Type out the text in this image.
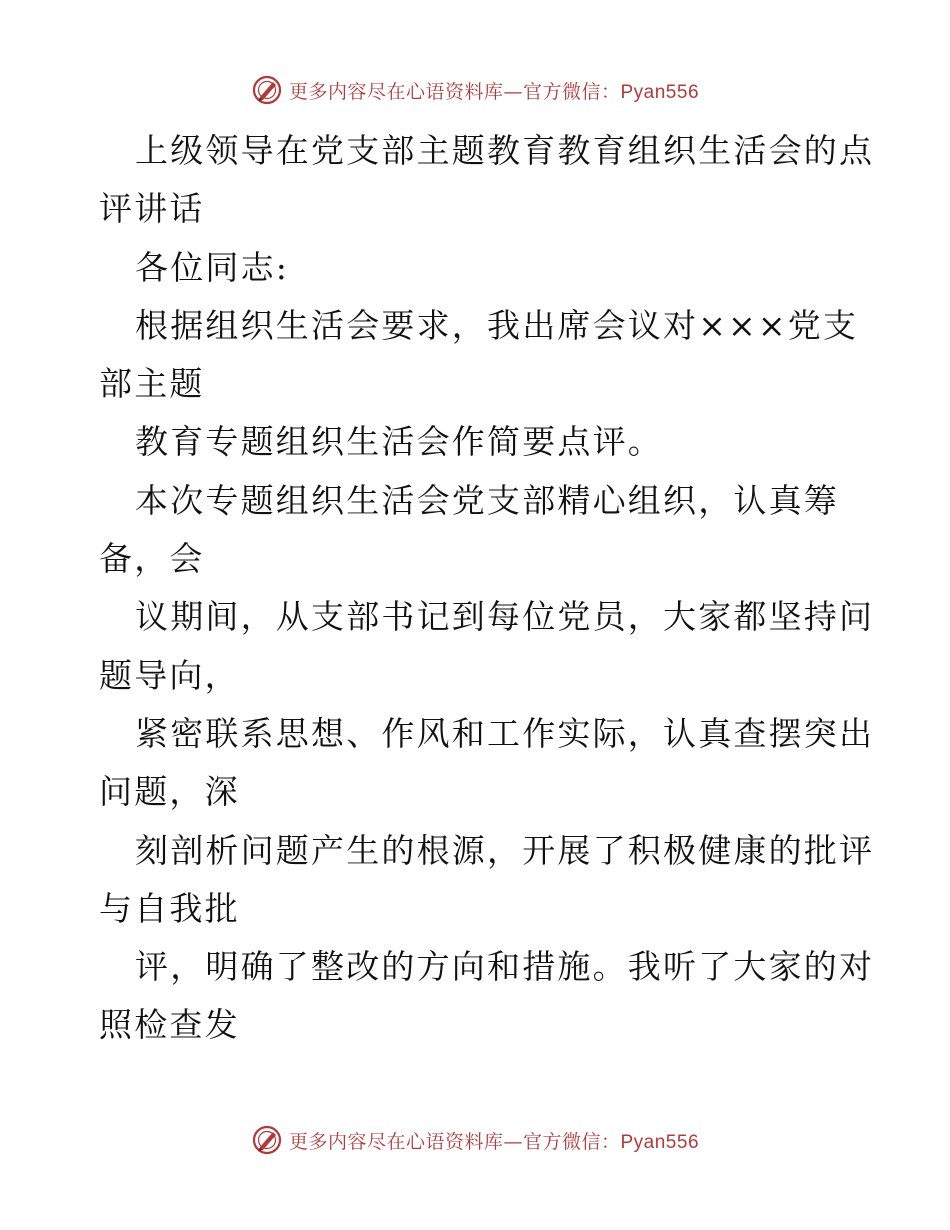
更多内容尽在心语资料库—官方微信：Pyan556
上级领导在党支部主题教育教育组织生活会的点
评讲话
各位同志:
根据组织生活会要求，我出席会议对×××党支
部主题
教育专题组织生活会作简要点评。
本次专题组织生活会党支部精心组织，认真筹
备，会
议期间，从支部书记到每位党员，大家都坚持问
题导向，
紧密联系思想、作风和工作实际，认真查摆突出
问题，深
刻剖析问题产生的根源，开展了积极健康的批评
与自我批
评，明确了整改的方向和措施。我听了大家的对
照检查发
更多内容尽在心语资料库—官方微信：Pyan556
